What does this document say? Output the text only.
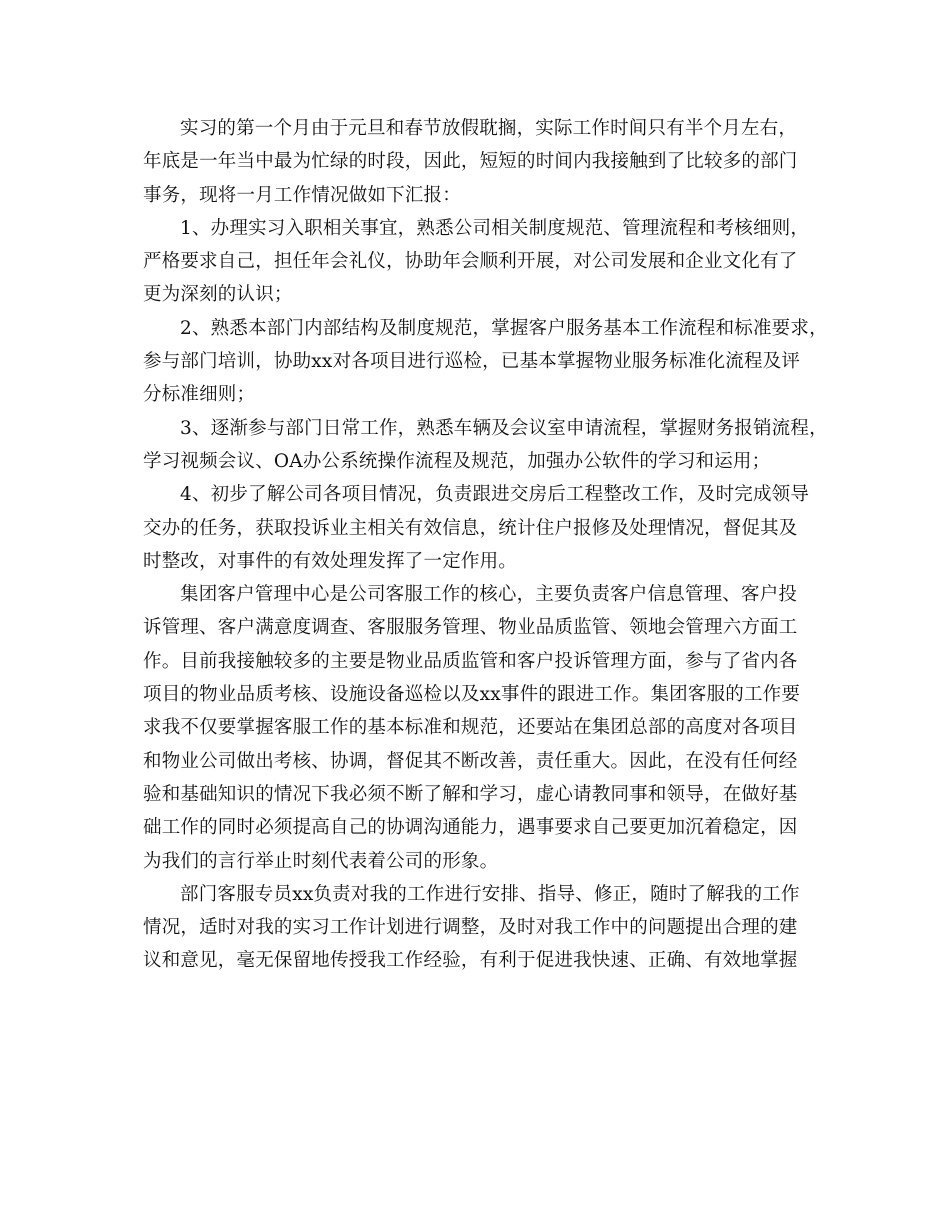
实习的第一个月由于元旦和春节放假耽搁，实际工作时间只有半个月左右，
年底是一年当中最为忙绿的时段，因此，短短的时间内我接触到了比较多的部门
事务，现将一月工作情况做如下汇报：
1、办理实习入职相关事宜，熟悉公司相关制度规范、管理流程和考核细则，
严格要求自己，担任年会礼仪，协助年会顺利开展，对公司发展和企业文化有了
更为深刻的认识；
2、熟悉本部门内部结构及制度规范，掌握客户服务基本工作流程和标准要求，
参与部门培训，协助xx对各项目进行巡检，已基本掌握物业服务标准化流程及评
分标准细则；
3、逐渐参与部门日常工作，熟悉车辆及会议室申请流程，掌握财务报销流程，
学习视频会议、OA办公系统操作流程及规范，加强办公软件的学习和运用；
4、初步了解公司各项目情况，负责跟进交房后工程整改工作，及时完成领导
交办的任务，获取投诉业主相关有效信息，统计住户报修及处理情况，督促其及
时整改，对事件的有效处理发挥了一定作用。
集团客户管理中心是公司客服工作的核心，主要负责客户信息管理、客户投
诉管理、客户满意度调查、客服服务管理、物业品质监管、领地会管理六方面工
作。目前我接触较多的主要是物业品质监管和客户投诉管理方面，参与了省内各
项目的物业品质考核、设施设备巡检以及xx事件的跟进工作。集团客服的工作要
求我不仅要掌握客服工作的基本标准和规范，还要站在集团总部的高度对各项目
和物业公司做出考核、协调，督促其不断改善，责任重大。因此，在没有任何经
验和基础知识的情况下我必须不断了解和学习，虚心请教同事和领导，在做好基
础工作的同时必须提高自己的协调沟通能力，遇事要求自己要更加沉着稳定，因
为我们的言行举止时刻代表着公司的形象。
部门客服专员xx负责对我的工作进行安排、指导、修正，随时了解我的工作
情况，适时对我的实习工作计划进行调整，及时对我工作中的问题提出合理的建
议和意见，毫无保留地传授我工作经验，有利于促进我快速、正确、有效地掌握
